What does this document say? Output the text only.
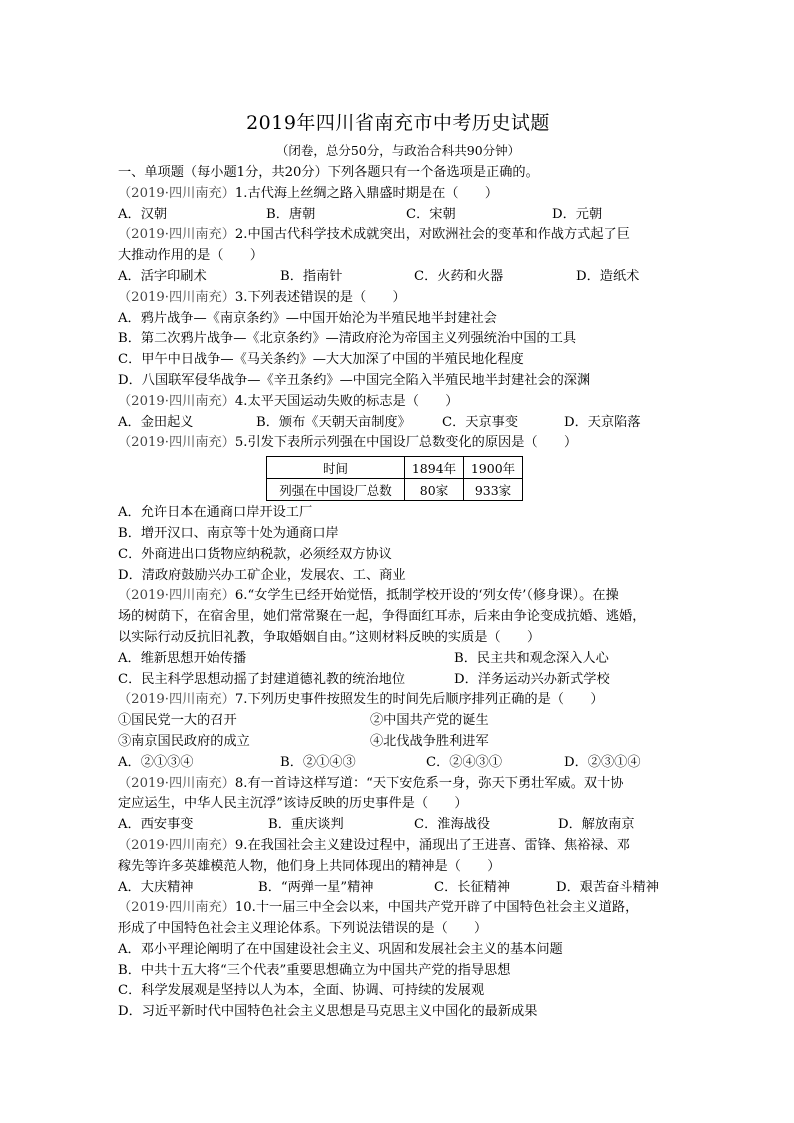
2019年四川省南充市中考历史试题
（闭卷，总分50分，与政治合科共90分钟）
一、单项题（每小题1分，共20分）下列各题只有一个备选项是正确的。
（2019·四川南充）1.古代海上丝绸之路入鼎盛时期是在（　　）
A．汉朝	B．唐朝	C．宋朝	D．元朝
（2019·四川南充）2.中国古代科学技术成就突出，对欧洲社会的变革和作战方式起了巨
大推动作用的是（　　）
A．活字印刷术	B．指南针	C．火药和火器	D．造纸术
（2019·四川南充）3.下列表述错误的是（　　）
A．鸦片战争—《南京条约》—中国开始沦为半殖民地半封建社会
B．第二次鸦片战争—《北京条约》—清政府沦为帝国主义列强统治中国的工具
C．甲午中日战争—《马关条约》—大大加深了中国的半殖民地化程度
D．八国联军侵华战争—《辛丑条约》—中国完全陷入半殖民地半封建社会的深渊
（2019·四川南充）4.太平天国运动失败的标志是（　　）
A．金田起义	B．颁布《天朝天亩制度》	C．天京事变	D．天京陷落
（2019·四川南充）5.引发下表所示列强在中国设厂总数变化的原因是（　　）
时间	1894年	1900年
列强在中国设厂总数	80家	933家
A．允许日本在通商口岸开设工厂
B．增开汉口、南京等十处为通商口岸
C．外商进出口货物应纳税款，必须经双方协议
D．清政府鼓励兴办工矿企业，发展农、工、商业
（2019·四川南充）6.“女学生已经开始觉悟，抵制学校开设的‘列女传’（修身课）。在操
场的树荫下，在宿舍里，她们常常聚在一起，争得面红耳赤，后来由争论变成抗婚、逃婚，
以实际行动反抗旧礼教，争取婚姻自由。”这则材料反映的实质是（　　）
A．维新思想开始传播	B．民主共和观念深入人心
C．民主科学思想动摇了封建道德礼教的统治地位	D．洋务运动兴办新式学校
（2019·四川南充）7.下列历史事件按照发生的时间先后顺序排列正确的是（　　）
①国民党一大的召开	②中国共产党的诞生
③南京国民政府的成立	④北伐战争胜利进军
A．②①③④	B．②①④③	C．②④③①	D．②③①④
（2019·四川南充）8.有一首诗这样写道：“天下安危系一身，弥天下勇壮军威。双十协
定应运生，中华人民主沉浮”该诗反映的历史事件是（　　）
A．西安事变	B．重庆谈判	C．淮海战役	D．解放南京
（2019·四川南充）9.在我国社会主义建设过程中，涌现出了王进喜、雷锋、焦裕禄、邓
稼先等许多英雄模范人物，他们身上共同体现出的精神是（　　）
A．大庆精神	B．“两弹一星”精神	C．长征精神	D．艰苦奋斗精神
（2019·四川南充）10.十一届三中全会以来，中国共产党开辟了中国特色社会主义道路，
形成了中国特色社会主义理论体系。下列说法错误的是（　　）
A．邓小平理论阐明了在中国建设社会主义、巩固和发展社会主义的基本问题
B．中共十五大将“三个代表”重要思想确立为中国共产党的指导思想
C．科学发展观是坚持以人为本，全面、协调、可持续的发展观
D．习近平新时代中国特色社会主义思想是马克思主义中国化的最新成果
